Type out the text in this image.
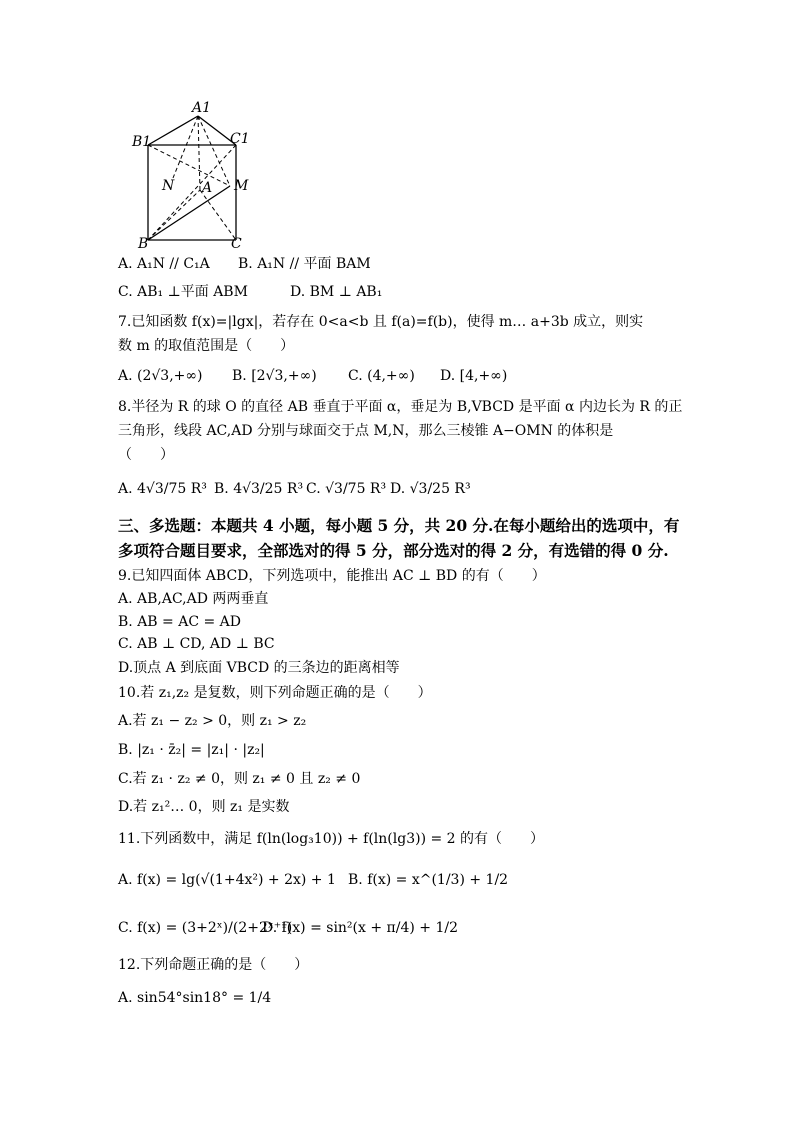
A1
B1	C1
N A M
B	C
A. A₁N // C₁A B. A₁N // 平面 BAM
C. AB₁ ⊥平面 ABM	D. BM ⊥ AB₁
7.已知函数 f(x)=|lgx|，若存在 0<a<b 且 f(a)=f(b)，使得 m… a+3b 成立，则实
数 m 的取值范围是（　　）
A. (2√3,+∞) B. [2√3,+∞) C. (4,+∞) D. [4,+∞)
8.半径为 R 的球 O 的直径 AB 垂直于平面 α，垂足为 B,VBCD 是平面 α 内边长为 R 的正
三角形，线段 AC,AD 分别与球面交于点 M,N，那么三棱锥 A−OMN 的体积是
（　　）
A. 4√3/75 R³ B. 4√3/25 R³ C. √3/75 R³ D. √3/25 R³
三、多选题：本题共 4 小题，每小题 5 分，共 20 分.在每小题给出的选项中，有
多项符合题目要求，全部选对的得 5 分，部分选对的得 2 分，有选错的得 0 分.
9.已知四面体 ABCD，下列选项中，能推出 AC ⊥ BD 的有（　　）
A. AB,AC,AD 两两垂直
B. AB = AC = AD
C. AB ⊥ CD, AD ⊥ BC
D.顶点 A 到底面 VBCD 的三条边的距离相等
10.若 z₁,z₂ 是复数，则下列命题正确的是（　　）
A.若 z₁ − z₂ > 0，则 z₁ > z₂
B. |z₁ · z̄₂| = |z₁| · |z₂|
C.若 z₁ · z₂ ≠ 0，则 z₁ ≠ 0 且 z₂ ≠ 0
D.若 z₁²… 0，则 z₁ 是实数
11.下列函数中，满足 f(ln(log₃10)) + f(ln(lg3)) = 2 的有（　　）
A. f(x) = lg(√(1+4x²) + 2x) + 1 B. f(x) = x^(1/3) + 1/2
C. f(x) = (3+2ˣ)/(2+2ˣ⁺¹)
D. f(x) = sin²(x + π/4) + 1/2
12.下列命题正确的是（　　）
A. sin54°sin18° = 1/4
